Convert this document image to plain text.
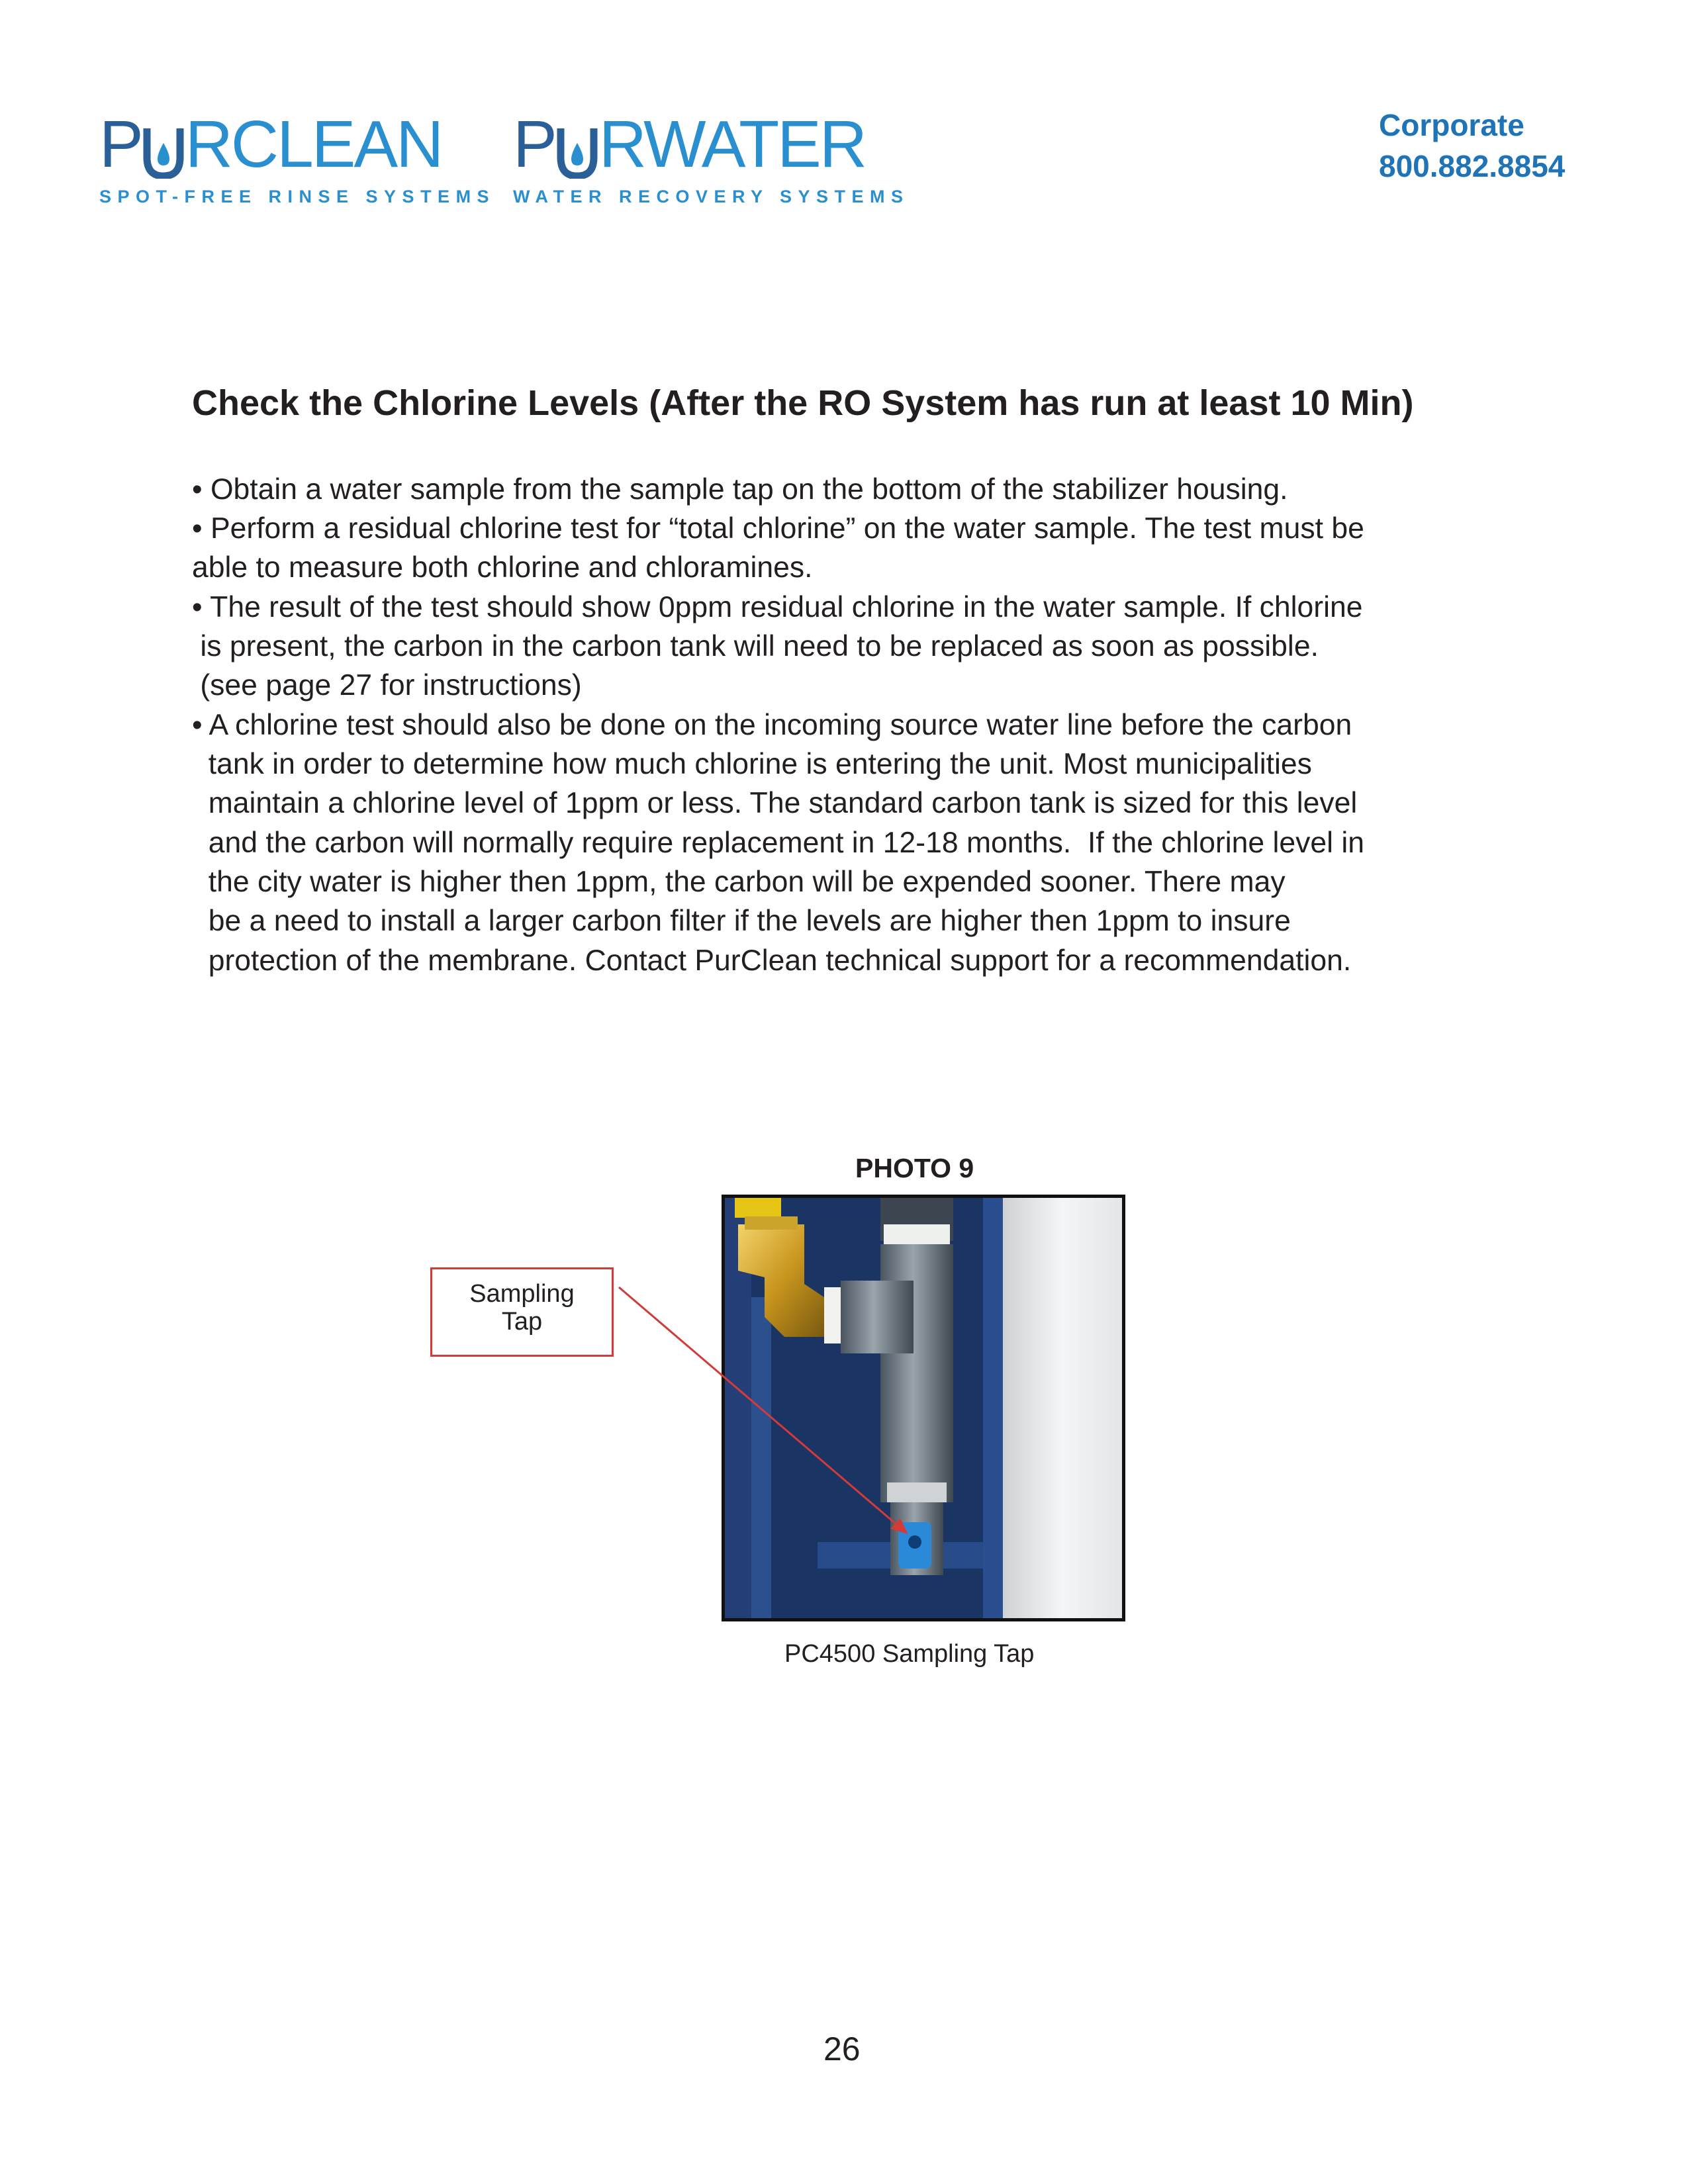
P RCLEAN
SPOT-FREE RINSE SYSTEMS
P RWATER
WATER RECOVERY SYSTEMS
Corporate
800.882.8854
Check the Chlorine Levels (After the RO System has run at least 10 Min)
• Obtain a water sample from the sample tap on the bottom of the stabilizer housing.
• Perform a residual chlorine test for “total chlorine” on the water sample. The test must be
able to measure both chlorine and chloramines.
• The result of the test should show 0ppm residual chlorine in the water sample. If chlorine
is present, the carbon in the carbon tank will need to be replaced as soon as possible.
(see page 27 for instructions)
• A chlorine test should also be done on the incoming source water line before the carbon
tank in order to determine how much chlorine is entering the unit. Most municipalities
maintain a chlorine level of 1ppm or less. The standard carbon tank is sized for this level
and the carbon will normally require replacement in 12-18 months.  If the chlorine level in
the city water is higher then 1ppm, the carbon will be expended sooner. There may
be a need to install a larger carbon filter if the levels are higher then 1ppm to insure
protection of the membrane. Contact PurClean technical support for a recommendation.
PHOTO 9
Sampling
Tap
PC4500 Sampling Tap
26
